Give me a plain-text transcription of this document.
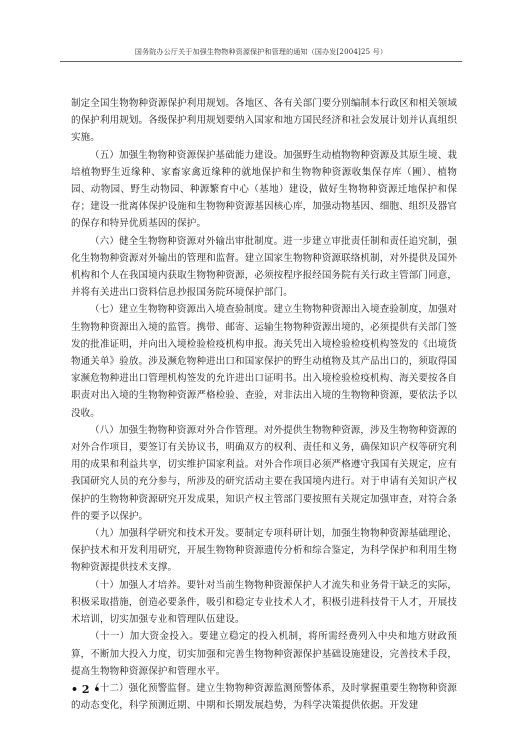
国务院办公厅关于加强生物物种资源保护和管理的通知（国办发[2004]25 号）

制定全国生物物种资源保护利用规划。各地区、各有关部门要分别编制本行政区和相关领域的保护利用规划。各级保护利用规划要纳入国家和地方国民经济和社会发展计划并认真组织实施。

（五）加强生物物种资源保护基础能力建设。加强野生动植物物种资源及其原生境、栽培植物野生近缘种、家畜家禽近缘种的就地保护和生物物种资源收集保存库（圃）、植物园、动物园、野生动物园、种源繁育中心（基地）建设，做好生物物种资源迁地保护和保存；建设一批离体保护设施和生物物种资源基因核心库，加强动物基因、细胞、组织及器官的保存和特异优质基因的保护。

（六）健全生物物种资源对外输出审批制度。进一步建立审批责任制和责任追究制，强化生物物种资源对外输出的管理和监督。建立国家生物物种资源联络机制，对外提供及国外机构和个人在我国境内获取生物物种资源，必须按程序报经国务院有关行政主管部门同意，并将有关进出口资料信息抄报国务院环境保护部门。

（七）建立生物物种资源出入境查验制度。建立生物物种资源出入境查验制度，加强对生物物种资源出入境的监管。携带、邮寄、运输生物物种资源出境的，必须提供有关部门签发的批准证明，并向出入境检验检疫机构申报。海关凭出入境检验检疫机构签发的《出境货物通关单》验放。涉及濒危物种进出口和国家保护的野生动植物及其产品出口的，须取得国家濒危物种进出口管理机构签发的允许进出口证明书。出入境检验检疫机构、海关要按各自职责对出入境的生物物种资源严格检验、查验，对非法出入境的生物物种资源，要依法予以没收。

（八）加强生物物种资源对外合作管理。对外提供生物物种资源，涉及生物物种资源的对外合作项目，要签订有关协议书，明确双方的权利、责任和义务，确保知识产权等研究利用的成果和利益共享，切实维护国家利益。对外合作项目必须严格遵守我国有关规定，应有我国研究人员的充分参与，所涉及的研究活动主要在我国境内进行。对于申请有关知识产权保护的生物物种资源研究开发成果，知识产权主管部门要按照有关规定加强审查，对符合条件的要予以保护。

（九）加强科学研究和技术开发。要制定专项科研计划，加强生物物种资源基础理论、保护技术和开发利用研究，开展生物物种资源遗传分析和综合鉴定，为科学保护和利用生物物种资源提供技术支撑。

（十）加强人才培养。要针对当前生物物种资源保护人才流失和业务骨干缺乏的实际，积极采取措施，创造必要条件，吸引和稳定专业技术人才，积极引进科技骨干人才，开展技术培训，切实加强专业和管理队伍建设。

（十一）加大资金投入。要建立稳定的投入机制，将所需经费列入中央和地方财政预算，不断加大投入力度，切实加强和完善生物物种资源保护基础设施建设，完善技术手段，提高生物物种资源保护和管理水平。

（十二）强化预警监督。建立生物物种资源监测预警体系，及时掌握重要生物物种资源的动态变化，科学预测近期、中期和长期发展趋势，为科学决策提供依据。开发建

• 2 •
